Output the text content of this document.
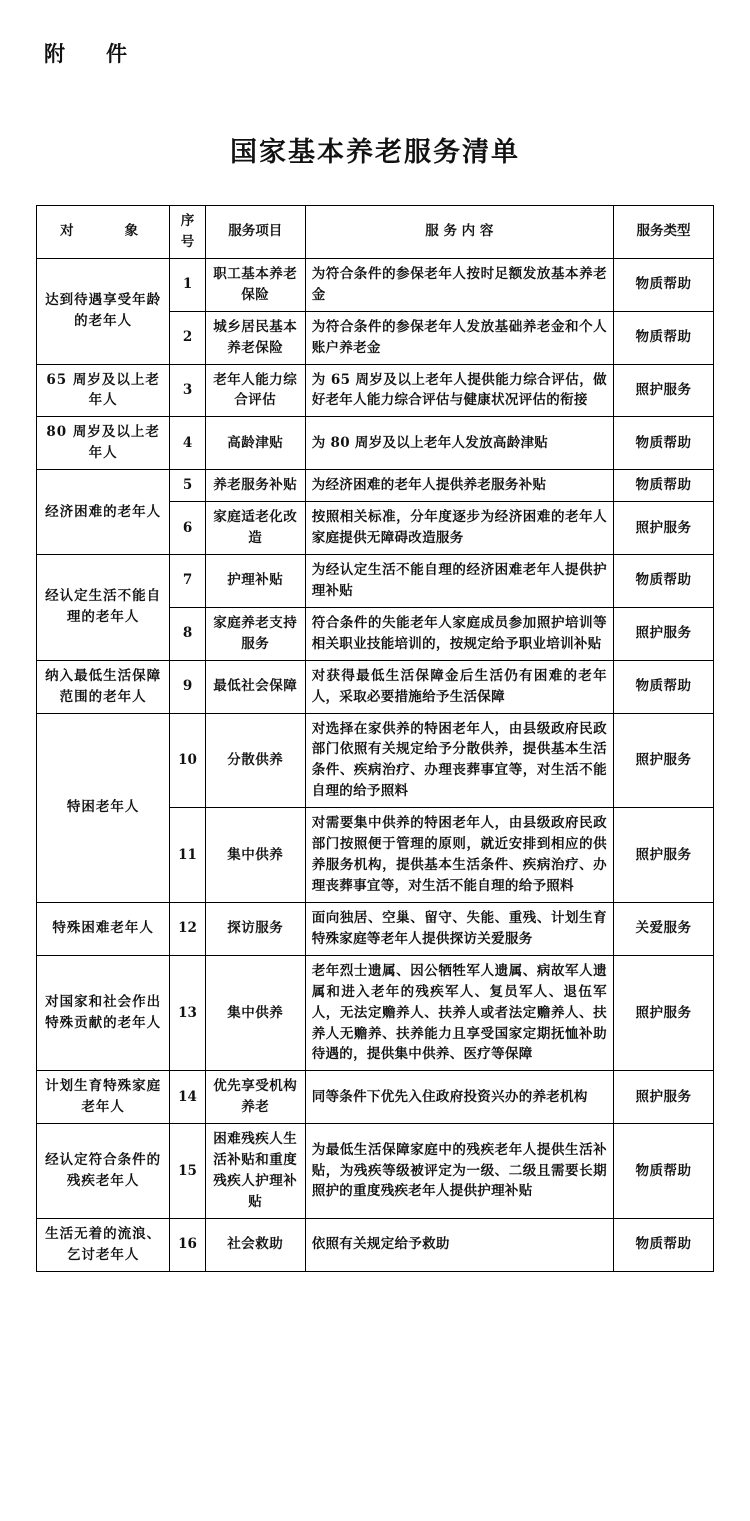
附　件
国家基本养老服务清单
对　　象	序号	服务项目	服 务 内 容	服务类型
达到待遇享受年龄的老年人	1	职工基本养老保险	为符合条件的参保老年人按时足额发放基本养老金	物质帮助
	2	城乡居民基本养老保险	为符合条件的参保老年人发放基础养老金和个人账户养老金	物质帮助
65 周岁及以上老年人	3	老年人能力综合评估	为 65 周岁及以上老年人提供能力综合评估，做好老年人能力综合评估与健康状况评估的衔接	照护服务
80 周岁及以上老年人	4	高龄津贴	为 80 周岁及以上老年人发放高龄津贴	物质帮助
经济困难的老年人	5	养老服务补贴	为经济困难的老年人提供养老服务补贴	物质帮助
	6	家庭适老化改造	按照相关标准，分年度逐步为经济困难的老年人家庭提供无障碍改造服务	照护服务
经认定生活不能自理的老年人	7	护理补贴	为经认定生活不能自理的经济困难老年人提供护理补贴	物质帮助
	8	家庭养老支持服务	符合条件的失能老年人家庭成员参加照护培训等相关职业技能培训的，按规定给予职业培训补贴	照护服务
纳入最低生活保障范围的老年人	9	最低社会保障	对获得最低生活保障金后生活仍有困难的老年人，采取必要措施给予生活保障	物质帮助
特困老年人	10	分散供养	对选择在家供养的特困老年人，由县级政府民政部门依照有关规定给予分散供养，提供基本生活条件、疾病治疗、办理丧葬事宜等，对生活不能自理的给予照料	照护服务
	11	集中供养	对需要集中供养的特困老年人，由县级政府民政部门按照便于管理的原则，就近安排到相应的供养服务机构，提供基本生活条件、疾病治疗、办理丧葬事宜等，对生活不能自理的给予照料	照护服务
特殊困难老年人	12	探访服务	面向独居、空巢、留守、失能、重残、计划生育特殊家庭等老年人提供探访关爱服务	关爱服务
对国家和社会作出特殊贡献的老年人	13	集中供养	老年烈士遗属、因公牺牲军人遗属、病故军人遗属和进入老年的残疾军人、复员军人、退伍军人，无法定赡养人、扶养人或者法定赡养人、扶养人无赡养、扶养能力且享受国家定期抚恤补助待遇的，提供集中供养、医疗等保障	照护服务
计划生育特殊家庭老年人	14	优先享受机构养老	同等条件下优先入住政府投资兴办的养老机构	照护服务
经认定符合条件的残疾老年人	15	困难残疾人生活补贴和重度残疾人护理补贴	为最低生活保障家庭中的残疾老年人提供生活补贴，为残疾等级被评定为一级、二级且需要长期照护的重度残疾老年人提供护理补贴	物质帮助
生活无着的流浪、乞讨老年人	16	社会救助	依照有关规定给予救助	物质帮助
